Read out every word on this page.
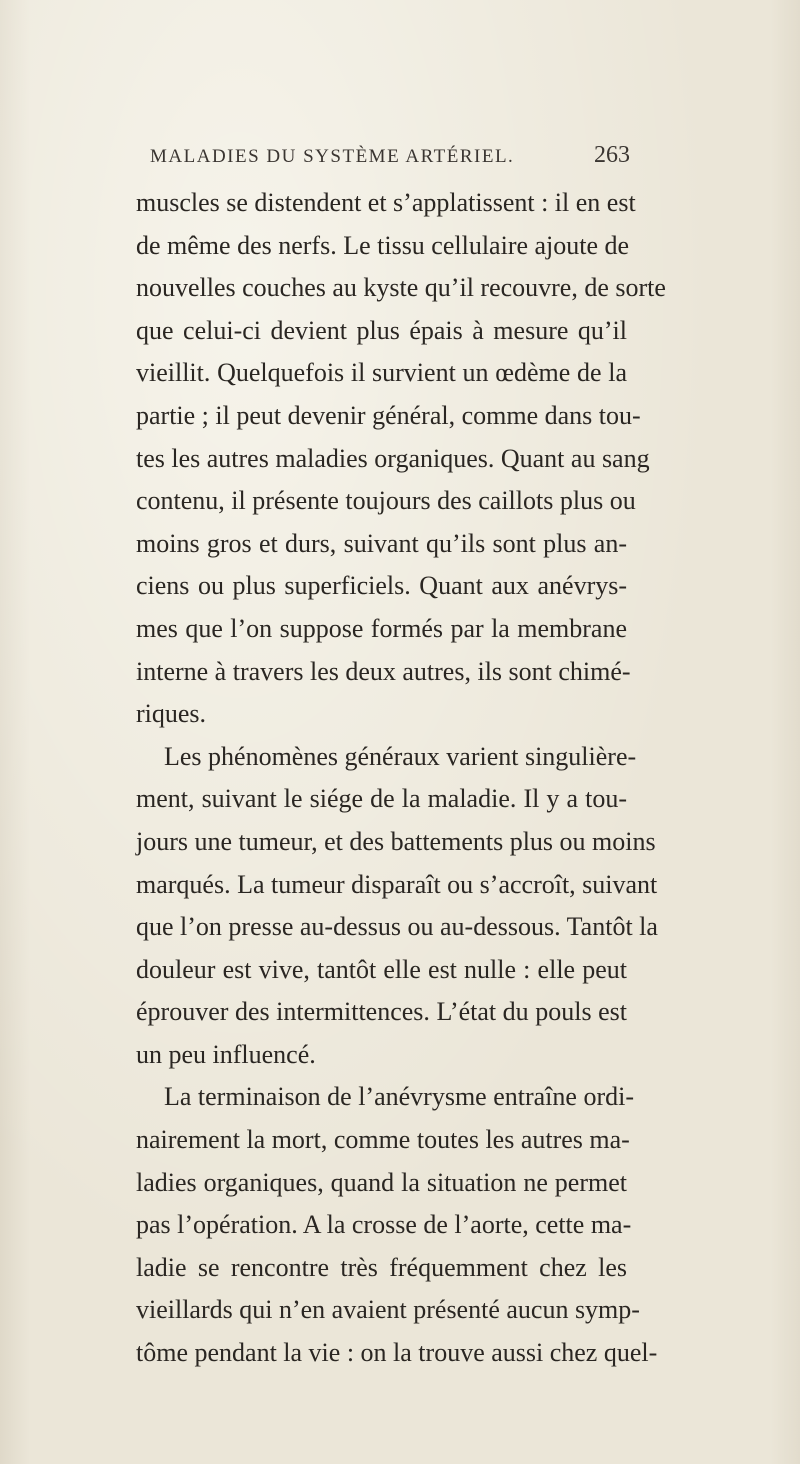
MALADIES DU SYSTÈME ARTÉRIEL.	263
muscles se distendent et s’applatissent : il en est
de même des nerfs. Le tissu cellulaire ajoute de
nouvelles couches au kyste qu’il recouvre, de sorte
que celui-ci devient plus épais à mesure qu’il
vieillit. Quelquefois il survient un œdème de la
partie ; il peut devenir général, comme dans tou-
tes les autres maladies organiques. Quant au sang
contenu, il présente toujours des caillots plus ou
moins gros et durs, suivant qu’ils sont plus an-
ciens ou plus superficiels. Quant aux anévrys-
mes que l’on suppose formés par la membrane
interne à travers les deux autres, ils sont chimé-
riques.
Les phénomènes généraux varient singulière-
ment, suivant le siége de la maladie. Il y a tou-
jours une tumeur, et des battements plus ou moins
marqués. La tumeur disparaît ou s’accroît, suivant
que l’on presse au-dessus ou au-dessous. Tantôt la
douleur est vive, tantôt elle est nulle : elle peut
éprouver des intermittences. L’état du pouls est
un peu influencé.
La terminaison de l’anévrysme entraîne ordi-
nairement la mort, comme toutes les autres ma-
ladies organiques, quand la situation ne permet
pas l’opération. A la crosse de l’aorte, cette ma-
ladie se rencontre très fréquemment chez les
vieillards qui n’en avaient présenté aucun symp-
tôme pendant la vie : on la trouve aussi chez quel-
